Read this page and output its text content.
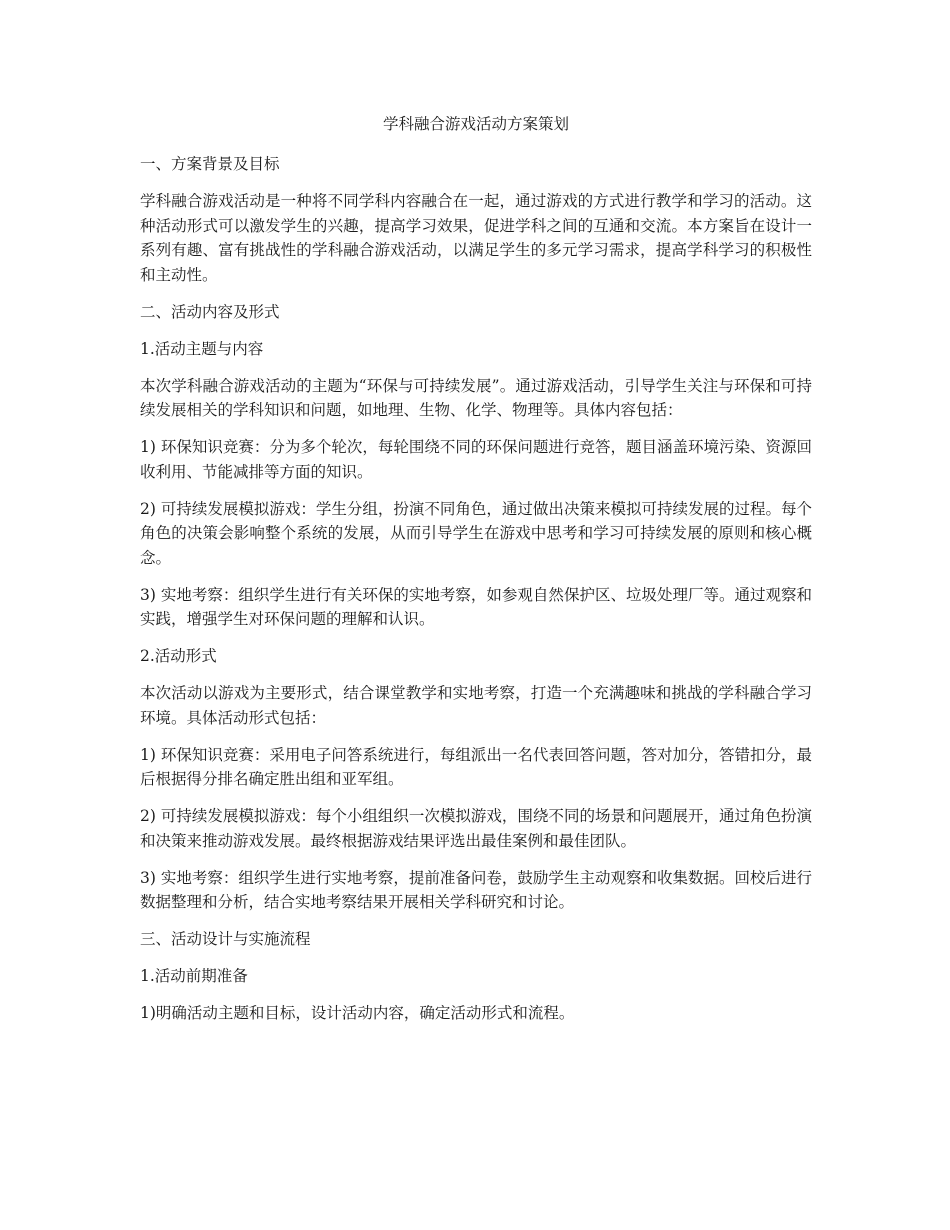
学科融合游戏活动方案策划

一、方案背景及目标

学科融合游戏活动是一种将不同学科内容融合在一起，通过游戏的方式进行教学和学习的活动。这种活动形式可以激发学生的兴趣，提高学习效果，促进学科之间的互通和交流。本方案旨在设计一系列有趣、富有挑战性的学科融合游戏活动，以满足学生的多元学习需求，提高学科学习的积极性和主动性。

二、活动内容及形式

1.活动主题与内容

本次学科融合游戏活动的主题为“环保与可持续发展”。通过游戏活动，引导学生关注与环保和可持续发展相关的学科知识和问题，如地理、生物、化学、物理等。具体内容包括：

1) 环保知识竞赛：分为多个轮次，每轮围绕不同的环保问题进行竞答，题目涵盖环境污染、资源回收利用、节能减排等方面的知识。

2) 可持续发展模拟游戏：学生分组，扮演不同角色，通过做出决策来模拟可持续发展的过程。每个角色的决策会影响整个系统的发展，从而引导学生在游戏中思考和学习可持续发展的原则和核心概念。

3) 实地考察：组织学生进行有关环保的实地考察，如参观自然保护区、垃圾处理厂等。通过观察和实践，增强学生对环保问题的理解和认识。

2.活动形式

本次活动以游戏为主要形式，结合课堂教学和实地考察，打造一个充满趣味和挑战的学科融合学习环境。具体活动形式包括：

1) 环保知识竞赛：采用电子问答系统进行，每组派出一名代表回答问题，答对加分，答错扣分，最后根据得分排名确定胜出组和亚军组。

2) 可持续发展模拟游戏：每个小组组织一次模拟游戏，围绕不同的场景和问题展开，通过角色扮演和决策来推动游戏发展。最终根据游戏结果评选出最佳案例和最佳团队。

3) 实地考察：组织学生进行实地考察，提前准备问卷，鼓励学生主动观察和收集数据。回校后进行数据整理和分析，结合实地考察结果开展相关学科研究和讨论。

三、活动设计与实施流程

1.活动前期准备

1)明确活动主题和目标，设计活动内容，确定活动形式和流程。
